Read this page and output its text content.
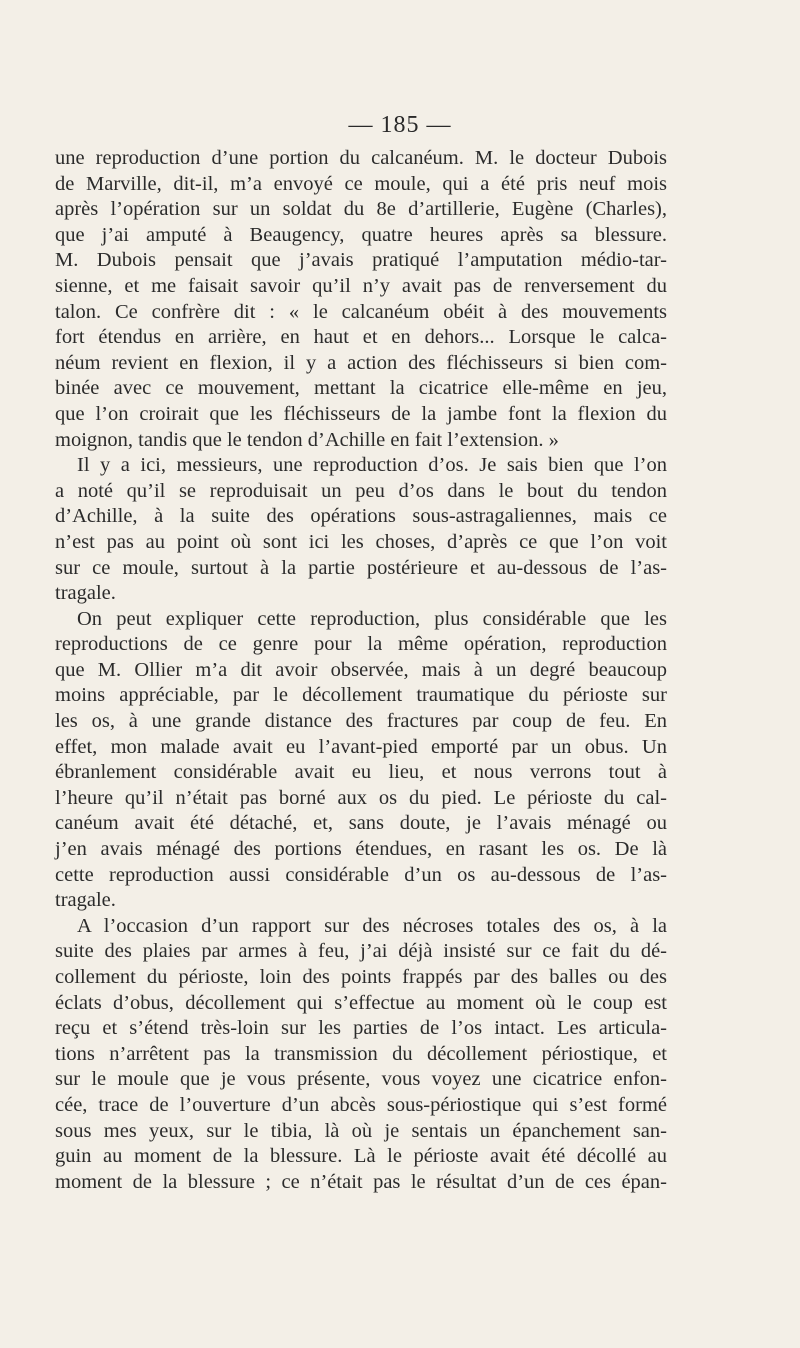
— 185 —
une reproduction d’une portion du calcanéum. M. le docteur Dubois
de Marville, dit-il, m’a envoyé ce moule, qui a été pris neuf mois
après l’opération sur un soldat du 8e d’artillerie, Eugène (Charles),
que j’ai amputé à Beaugency, quatre heures après sa blessure.
M. Dubois pensait que j’avais pratiqué l’amputation médio-tar-
sienne, et me faisait savoir qu’il n’y avait pas de renversement du
talon. Ce confrère dit : « le calcanéum obéit à des mouvements
fort étendus en arrière, en haut et en dehors... Lorsque le calca-
néum revient en flexion, il y a action des fléchisseurs si bien com-
binée avec ce mouvement, mettant la cicatrice elle-même en jeu,
que l’on croirait que les fléchisseurs de la jambe font la flexion du
moignon, tandis que le tendon d’Achille en fait l’extension. »
Il y a ici, messieurs, une reproduction d’os. Je sais bien que l’on
a noté qu’il se reproduisait un peu d’os dans le bout du tendon
d’Achille, à la suite des opérations sous-astragaliennes, mais ce
n’est pas au point où sont ici les choses, d’après ce que l’on voit
sur ce moule, surtout à la partie postérieure et au-dessous de l’as-
tragale.
On peut expliquer cette reproduction, plus considérable que les
reproductions de ce genre pour la même opération, reproduction
que M. Ollier m’a dit avoir observée, mais à un degré beaucoup
moins appréciable, par le décollement traumatique du périoste sur
les os, à une grande distance des fractures par coup de feu. En
effet, mon malade avait eu l’avant-pied emporté par un obus. Un
ébranlement considérable avait eu lieu, et nous verrons tout à
l’heure qu’il n’était pas borné aux os du pied. Le périoste du cal-
canéum avait été détaché, et, sans doute, je l’avais ménagé ou
j’en avais ménagé des portions étendues, en rasant les os. De là
cette reproduction aussi considérable d’un os au-dessous de l’as-
tragale.
A l’occasion d’un rapport sur des nécroses totales des os, à la
suite des plaies par armes à feu, j’ai déjà insisté sur ce fait du dé-
collement du périoste, loin des points frappés par des balles ou des
éclats d’obus, décollement qui s’effectue au moment où le coup est
reçu et s’étend très-loin sur les parties de l’os intact. Les articula-
tions n’arrêtent pas la transmission du décollement périostique, et
sur le moule que je vous présente, vous voyez une cicatrice enfon-
cée, trace de l’ouverture d’un abcès sous-périostique qui s’est formé
sous mes yeux, sur le tibia, là où je sentais un épanchement san-
guin au moment de la blessure. Là le périoste avait été décollé au
moment de la blessure ; ce n’était pas le résultat d’un de ces épan-
